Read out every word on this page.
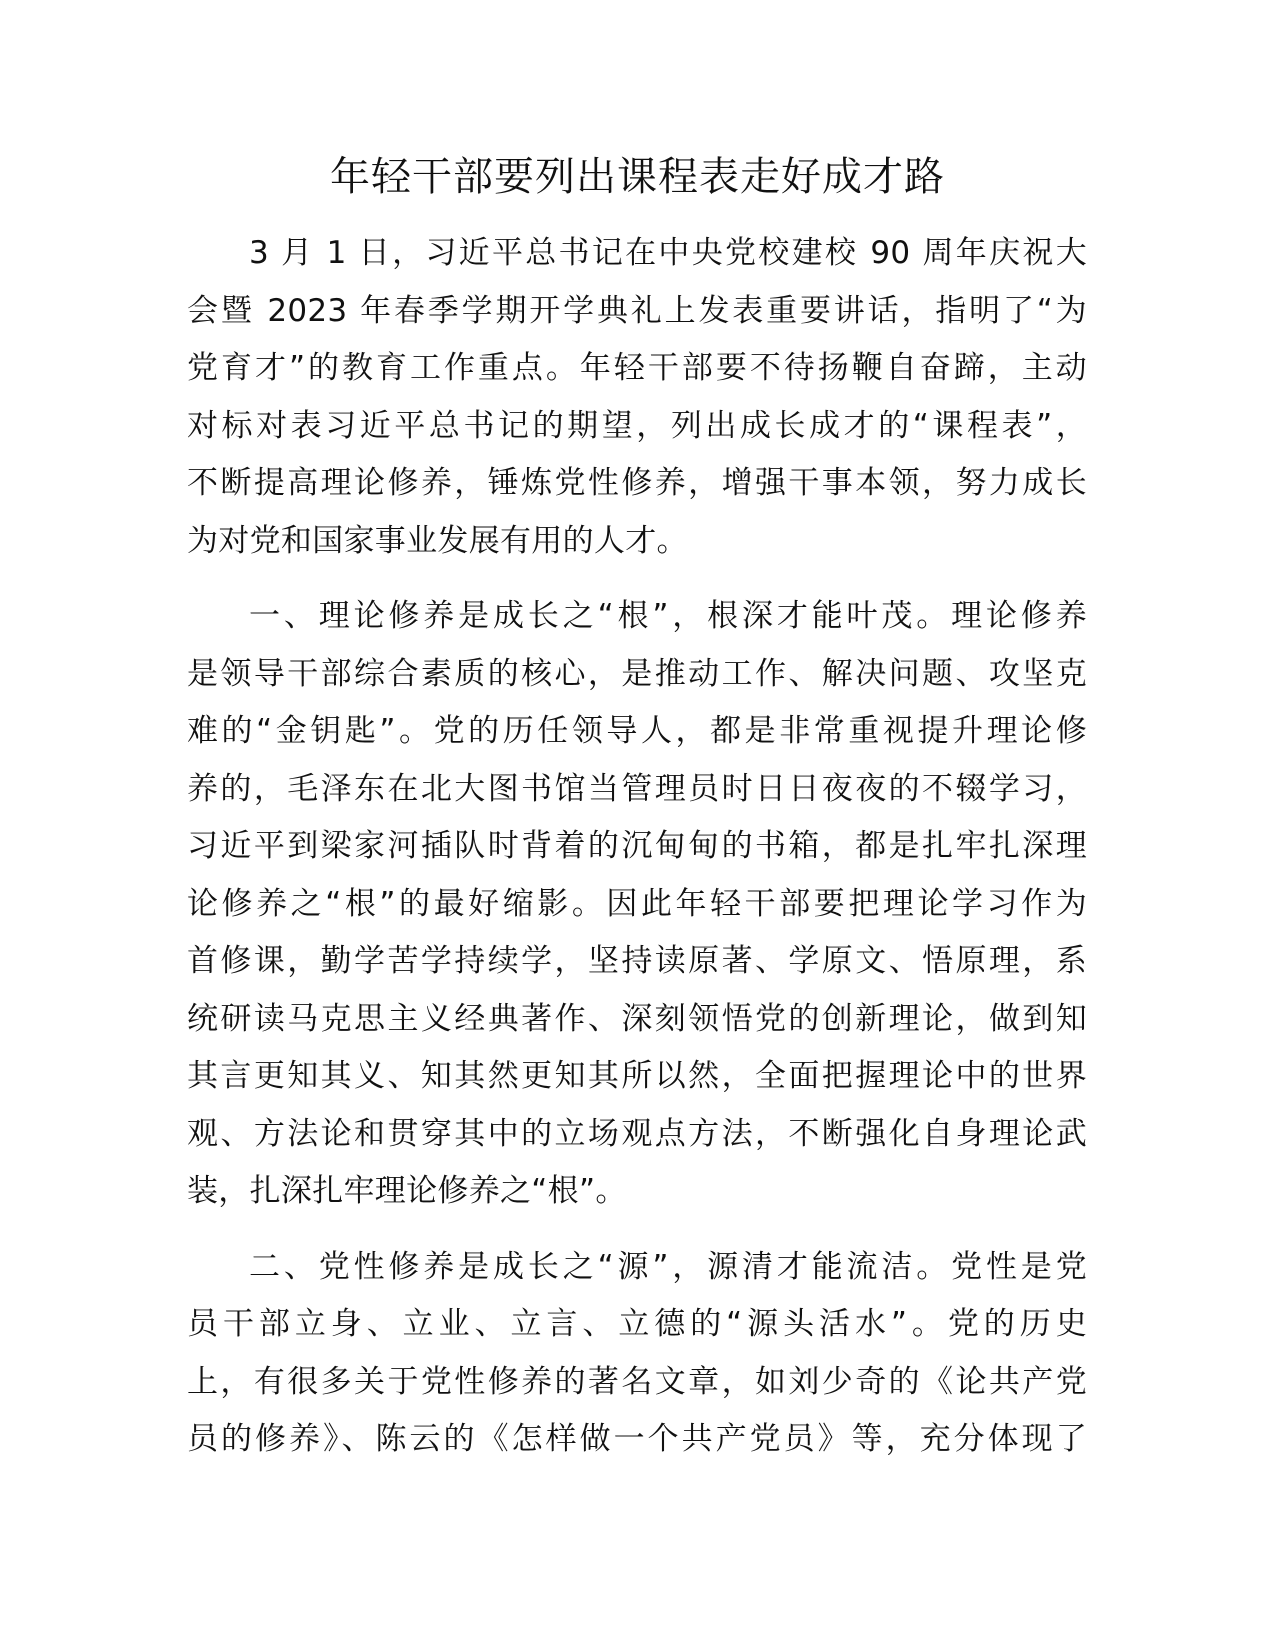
年轻干部要列出课程表走好成才路

3 月 1 日，习近平总书记在中央党校建校 90 周年庆祝大
会暨 2023 年春季学期开学典礼上发表重要讲话，指明了“为
党育才”的教育工作重点。年轻干部要不待扬鞭自奋蹄，主动
对标对表习近平总书记的期望，列出成长成才的“课程表”，
不断提高理论修养，锤炼党性修养，增强干事本领，努力成长
为对党和国家事业发展有用的人才。

一、理论修养是成长之“根”，根深才能叶茂。理论修养
是领导干部综合素质的核心，是推动工作、解决问题、攻坚克
难的“金钥匙”。党的历任领导人，都是非常重视提升理论修
养的，毛泽东在北大图书馆当管理员时日日夜夜的不辍学习，
习近平到梁家河插队时背着的沉甸甸的书箱，都是扎牢扎深理
论修养之“根”的最好缩影。因此年轻干部要把理论学习作为
首修课，勤学苦学持续学，坚持读原著、学原文、悟原理，系
统研读马克思主义经典著作、深刻领悟党的创新理论，做到知
其言更知其义、知其然更知其所以然，全面把握理论中的世界
观、方法论和贯穿其中的立场观点方法，不断强化自身理论武
装，扎深扎牢理论修养之“根”。

二、党性修养是成长之“源”，源清才能流洁。党性是党
员干部立身、立业、立言、立德的“源头活水”。党的历史
上，有很多关于党性修养的著名文章，如刘少奇的《论共产党
员的修养》、陈云的《怎样做一个共产党员》等，充分体现了
